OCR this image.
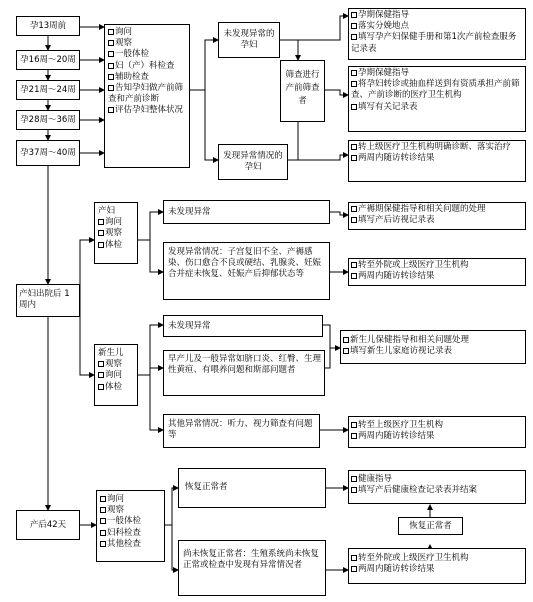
孕13周前
孕16周～20周
孕21周～24周
孕28周～36周
孕37周～40周
产妇出院后 1周内
产后42天
询问
观察
一般体检
妇（产）科检查
辅助检查
告知孕妇做产前筛查和产前诊断
评估孕妇整体状况
未发现异常的孕妇
发现异常情况的孕妇
筛查进行产前筛查者
孕期保健指导
落实分娩地点
填写孕产妇保健手册和第1次产前检查服务记录表
孕期保健指导
将孕妇转诊或抽血样送到有资质承担产前筛查、产前诊断的医疗卫生机构
填写有关记录表
转上级医疗卫生机构明确诊断、落实治疗
两周内随访转诊结果
产妇
询问
观察
体检
未发现异常
发现异常情况：子宫复旧不全、产褥感染、伤口愈合不良或硬结、乳腺炎、妊娠合并症未恢复、妊娠产后抑郁状态等
产褥期保健指导和相关问题的处理
填写产后访视记录表
转至外院或上级医疗卫生机构
两周内随访转诊结果
新生儿
观察
询问
体检
未发现异常
早产儿及一般异常如脐口炎、红臀、生理性黄疸、有喂养问题和斯部问题者
其他异常情况：听力、视力筛查有问题等
新生儿保健指导和相关问题处理
填写新生儿家庭访视记录表
转至上级医疗卫生机构
两周内随访转诊结果
询问
观察
一般体检
妇科检查
其他检查
恢复正常者
尚未恢复正常者：生殖系统尚未恢复正常或检查中发现有异常情况者
健康指导
填写产后健康检查记录表并结案
恢复正常者
转至外院或上级医疗卫生机构
两周内随访转诊结果
